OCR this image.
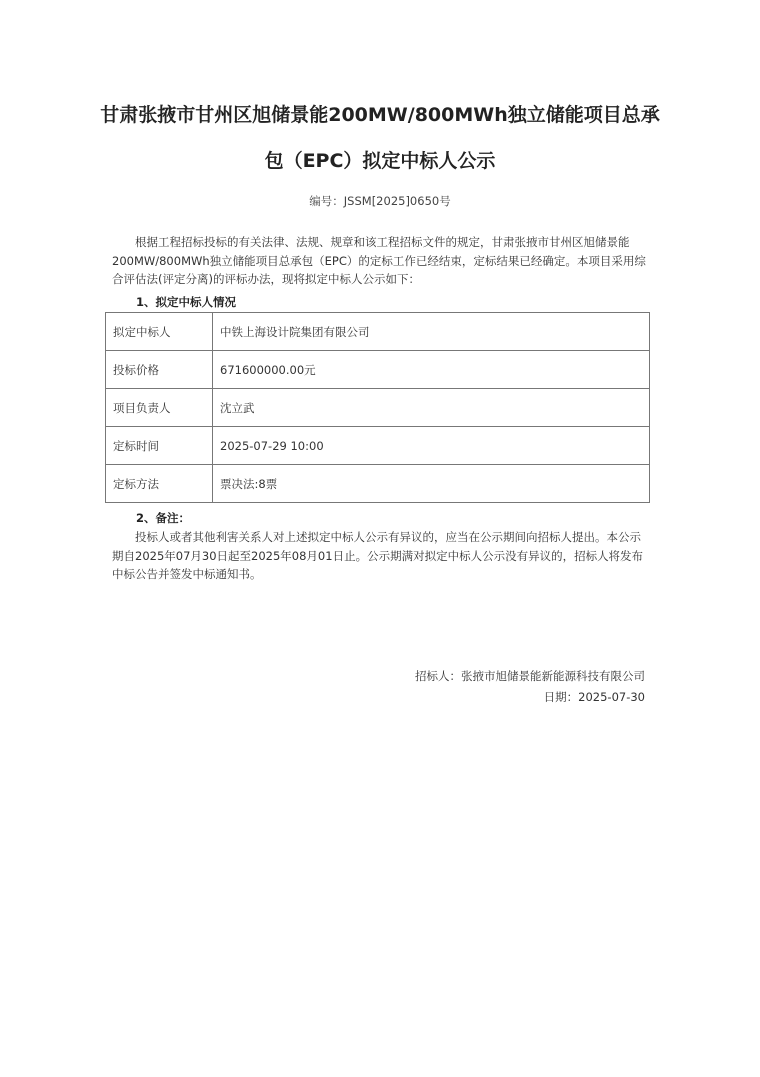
甘肃张掖市甘州区旭储景能200MW/800MWh独立储能项目总承包（EPC）拟定中标人公示
编号：JSSM[2025]0650号

根据工程招标投标的有关法律、法规、规章和该工程招标文件的规定，甘肃张掖市甘州区旭储景能200MW/800MWh独立储能项目总承包（EPC）的定标工作已经结束，定标结果已经确定。本项目采用综合评估法(评定分离)的评标办法，现将拟定中标人公示如下：

1、拟定中标人情况
拟定中标人	中铁上海设计院集团有限公司
投标价格	671600000.00元
项目负责人	沈立武
定标时间	2025-07-29 10:00
定标方法	票决法:8票
2、备注：

投标人或者其他利害关系人对上述拟定中标人公示有异议的，应当在公示期间向招标人提出。本公示期自2025年07月30日起至2025年08月01日止。公示期满对拟定中标人公示没有异议的，招标人将发布中标公告并签发中标通知书。

招标人：张掖市旭储景能新能源科技有限公司
日期：2025-07-30
